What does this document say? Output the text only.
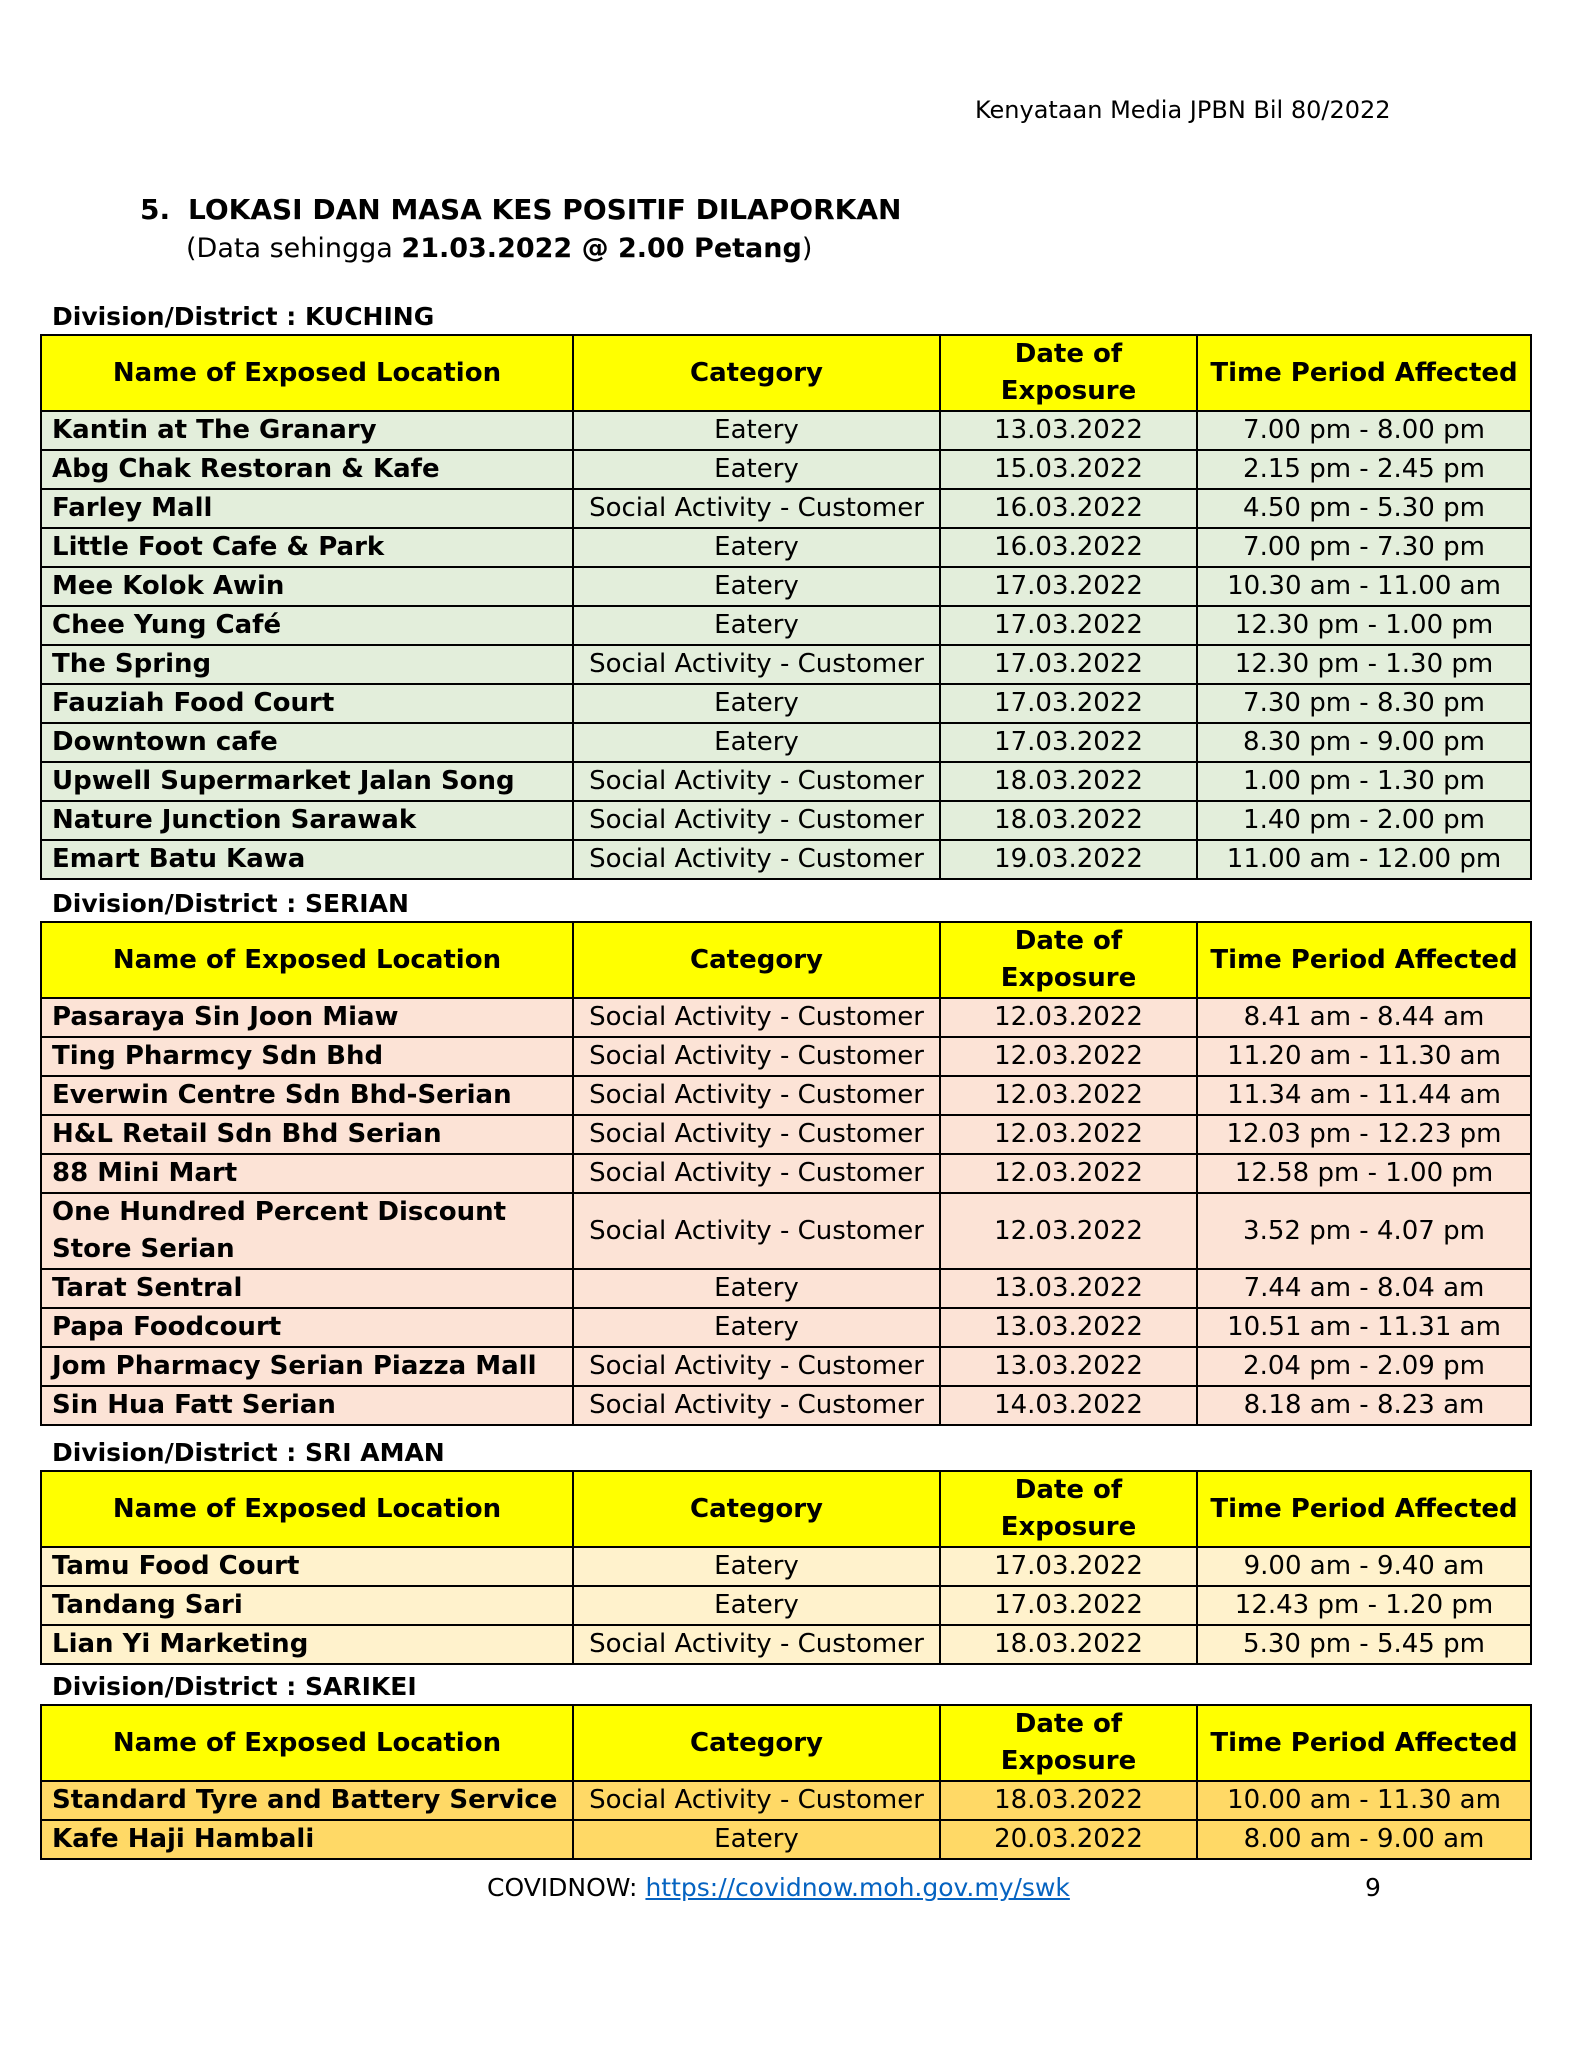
Kenyataan Media JPBN Bil 80/2022
5. LOKASI DAN MASA KES POSITIF DILAPORKAN
(Data sehingga 21.03.2022 @ 2.00 Petang)
Division/District : KUCHING
Name of Exposed Location	Category	Date of Exposure	Time Period Affected
Kantin at The Granary	Eatery	13.03.2022	7.00 pm - 8.00 pm
Abg Chak Restoran & Kafe	Eatery	15.03.2022	2.15 pm - 2.45 pm
Farley Mall	Social Activity - Customer	16.03.2022	4.50 pm - 5.30 pm
Little Foot Cafe & Park	Eatery	16.03.2022	7.00 pm - 7.30 pm
Mee Kolok Awin	Eatery	17.03.2022	10.30 am - 11.00 am
Chee Yung Café	Eatery	17.03.2022	12.30 pm - 1.00 pm
The Spring	Social Activity - Customer	17.03.2022	12.30 pm - 1.30 pm
Fauziah Food Court	Eatery	17.03.2022	7.30 pm - 8.30 pm
Downtown cafe	Eatery	17.03.2022	8.30 pm - 9.00 pm
Upwell Supermarket Jalan Song	Social Activity - Customer	18.03.2022	1.00 pm - 1.30 pm
Nature Junction Sarawak	Social Activity - Customer	18.03.2022	1.40 pm - 2.00 pm
Emart Batu Kawa	Social Activity - Customer	19.03.2022	11.00 am - 12.00 pm
Division/District : SERIAN
Name of Exposed Location	Category	Date of Exposure	Time Period Affected
Pasaraya Sin Joon Miaw	Social Activity - Customer	12.03.2022	8.41 am - 8.44 am
Ting Pharmcy Sdn Bhd	Social Activity - Customer	12.03.2022	11.20 am - 11.30 am
Everwin Centre Sdn Bhd-Serian	Social Activity - Customer	12.03.2022	11.34 am - 11.44 am
H&L Retail Sdn Bhd Serian	Social Activity - Customer	12.03.2022	12.03 pm - 12.23 pm
88 Mini Mart	Social Activity - Customer	12.03.2022	12.58 pm - 1.00 pm
One Hundred Percent Discount Store Serian	Social Activity - Customer	12.03.2022	3.52 pm - 4.07 pm
Tarat Sentral	Eatery	13.03.2022	7.44 am - 8.04 am
Papa Foodcourt	Eatery	13.03.2022	10.51 am - 11.31 am
Jom Pharmacy Serian Piazza Mall	Social Activity - Customer	13.03.2022	2.04 pm - 2.09 pm
Sin Hua Fatt Serian	Social Activity - Customer	14.03.2022	8.18 am - 8.23 am
Division/District : SRI AMAN
Name of Exposed Location	Category	Date of Exposure	Time Period Affected
Tamu Food Court	Eatery	17.03.2022	9.00 am - 9.40 am
Tandang Sari	Eatery	17.03.2022	12.43 pm - 1.20 pm
Lian Yi Marketing	Social Activity - Customer	18.03.2022	5.30 pm - 5.45 pm
Division/District : SARIKEI
Name of Exposed Location	Category	Date of Exposure	Time Period Affected
Standard Tyre and Battery Service	Social Activity - Customer	18.03.2022	10.00 am - 11.30 am
Kafe Haji Hambali	Eatery	20.03.2022	8.00 am - 9.00 am
COVIDNOW: https://covidnow.moh.gov.my/swk	9
